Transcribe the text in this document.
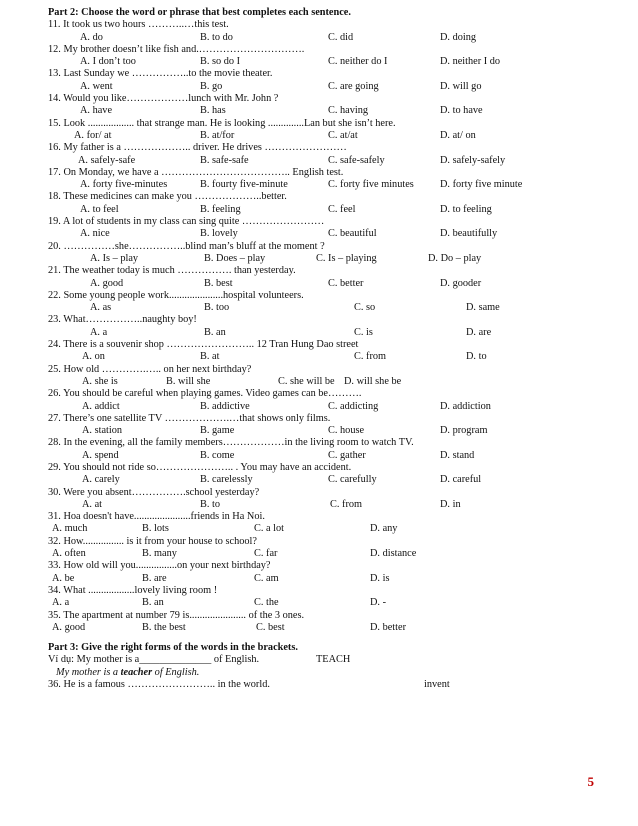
Part 2: Choose the word or phrase that best completes each sentence.
11. It took us two hours ………..…this test.
A. do	B. to do	C. did	D. doing
12. My brother doesn’t like fish and.………………………….
A. I don’t too	B. so do I	C. neither do I	D. neither I do
13. Last Sunday we ……………..to the movie theater.
A. went	B. go	C. are going	D. will go
14. Would you like………………lunch with Mr. John ?
A. have	B. has	C. having	D. to have
15. Look .................. that strange man. He is looking ..............Lan but she isn’t here.
A. for/ at	B. at/for	C. at/at	D. at/ on
16. My father is a ……………….. driver. He drives ……………………
A. safely-safe	B. safe-safe	C. safe-safely	D. safely-safely
17. On Monday, we have a ……………………………….. English test.
A. forty five-minutes	B. fourty five-minute	C. forty five minutes	D. forty five minute
18. These medicines can make you ………………..better.
A. to feel	B. feeling	C. feel	D. to feeling
19. A lot of students in my class can sing quite ……………………
A. nice	B. lovely	C. beautiful	D. beautifully
20. ……………she……………..blind man’s bluff at the moment ?
A. Is – play	B. Does – play	C. Is – playing	D. Do – play
21. The weather today is much ……………. than yesterday.
A. good	B. best	C. better	D. gooder
22. Some young people work.....................hospital volunteers.
A. as	B. too	C. so	D. same
23. What……………..naughty boy!
A. a	B. an	C. is	D. are
24. There is a souvenir shop …………………….. 12 Tran Hung Dao street
A. on	B. at	C. from	D. to
25. How old ………….….. on her next birthday?
A. she is	B. will she	C. she will be D. will she be
26. You should be careful when playing games. Video games can be……….
A. addict	B. addictive	C. addicting	D. addiction
27. There’s one satellite TV ……………….…that shows only films.
A. station	B. game	C. house	D. program
28. In the evening, all the family members………………in the living room to watch TV.
A. spend	B. come	C. gather	D. stand
29. You should not ride so………………….. . You may have an accident.
A. carely	B. carelessly	C. carefully	D. careful
30. Were you absent…………….school yesterday?
A. at	B. to	C. from	D. in
31. Hoa doesn't have......................friends in Ha Noi.
A. much	B. lots	C. a lot	D. any
32. How................ is it from your house to school?
A. often	B. many	C. far	D. distance
33. How old will you................on your next birthday?
A. be	B. are	C. am	D. is
34. What ..................lovely living room !
A. a	B. an	C. the	D. -
35. The apartment at number 79 is...................... of the 3 ones.
A. good	B. the best	C. best	D. better
Part 3: Give the right forms of the words in the brackets.
Ví dụ: My mother is a______________ of English.	TEACH
My mother is a teacher of English.
36. He is a famous …………………….. in the world.	invent
5
